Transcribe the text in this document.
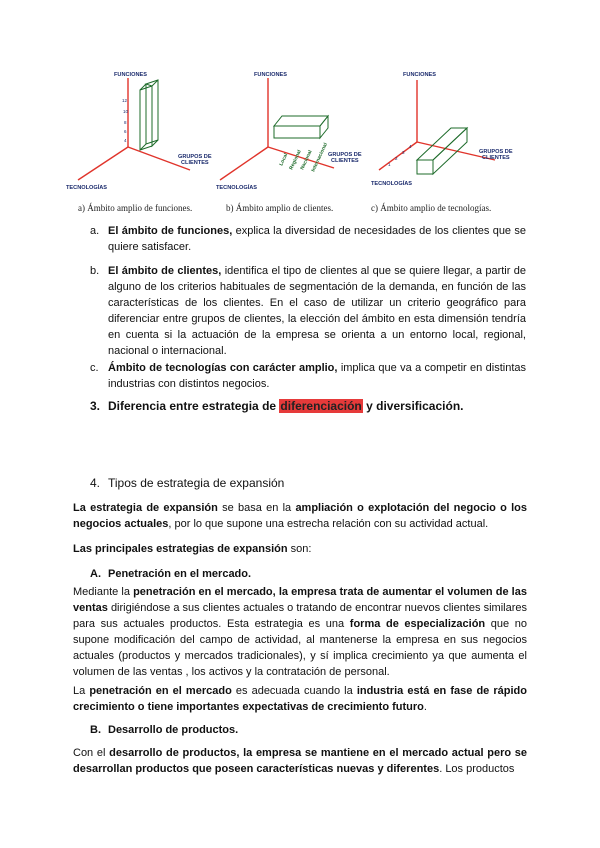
12
10
8
6
4
FUNCIONES
GRUPOS DE
CLIENTES
TECNOLOGÍAS
Local Regional
Nacional
Internacional
FUNCIONES
GRUPOS DE
CLIENTES
TECNOLOGÍAS
1
2
3
4
FUNCIONES
GRUPOS DE
CLIENTES
TECNOLOGÍAS
a) Ámbito amplio de funciones.	b) Ámbito amplio de clientes.	c) Ámbito amplio de tecnologías.
a. El ámbito de funciones, explica la diversidad de necesidades de los clientes que se quiere satisfacer.
b. El ámbito de clientes, identifica el tipo de clientes al que se quiere llegar, a partir de alguno de los criterios habituales de segmentación de la demanda, en función de las características de los clientes. En el caso de utilizar un criterio geográfico para diferenciar entre grupos de clientes, la elección del ámbito en esta dimensión tendría en cuenta si la actuación de la empresa se orienta a un entorno local, regional, nacional o internacional.
c. Ámbito de tecnologías con carácter amplio, implica que va a competir en distintas industrias con distintos negocios.
3. Diferencia entre estrategia de diferenciación y diversificación.
4. Tipos de estrategia de expansión
La estrategia de expansión se basa en la ampliación o explotación del negocio o los negocios actuales, por lo que supone una estrecha relación con su actividad actual.
Las principales estrategias de expansión son:
A. Penetración en el mercado.
Mediante la penetración en el mercado, la empresa trata de aumentar el volumen de las ventas dirigiéndose a sus clientes actuales o tratando de encontrar nuevos clientes similares para sus actuales productos. Esta estrategia es una forma de especialización que no supone modificación del campo de actividad, al mantenerse la empresa en sus negocios actuales (productos y mercados tradicionales), y sí implica crecimiento ya que aumenta el volumen de las ventas , los activos y la contratación de personal.
La penetración en el mercado es adecuada cuando la industria está en fase de rápido crecimiento o tiene importantes expectativas de crecimiento futuro.
B. Desarrollo de productos.
Con el desarrollo de productos, la empresa se mantiene en el mercado actual pero se desarrollan productos que poseen características nuevas y diferentes. Los productos
